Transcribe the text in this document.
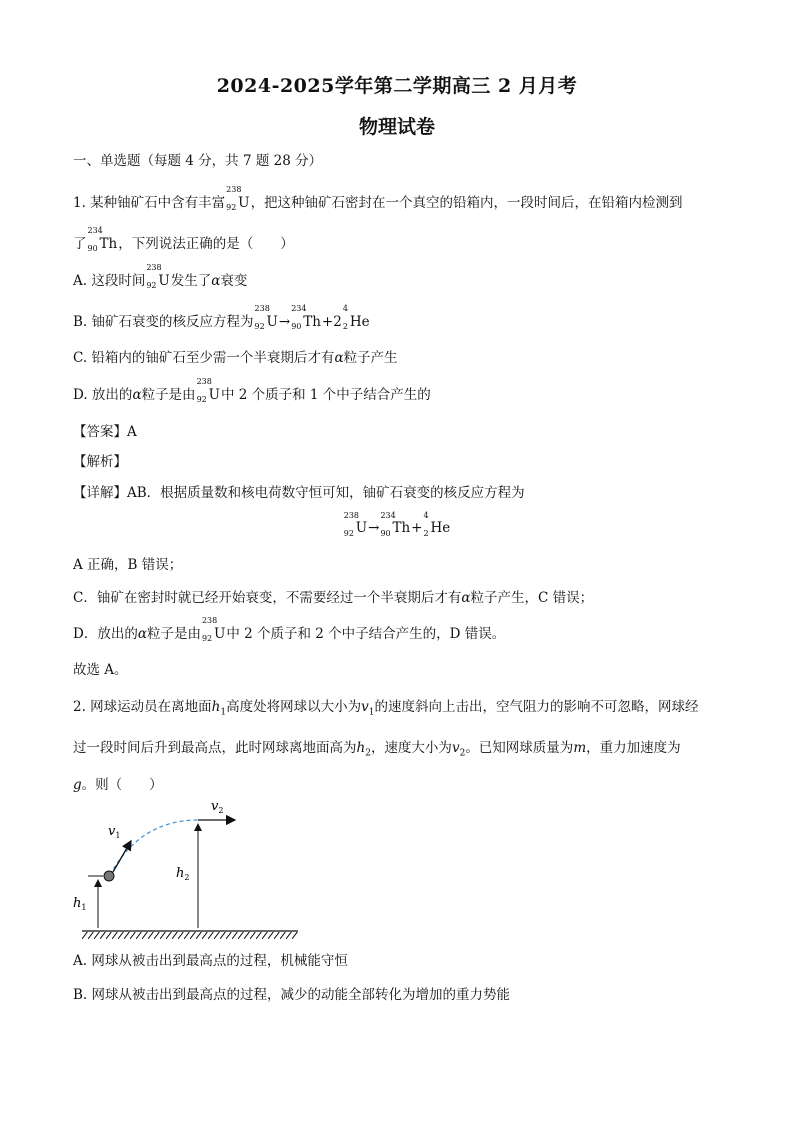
2024-2025学年第二学期高三 2 月月考
物理试卷
一、单选题（每题 4 分，共 7 题 28 分）
1. 某种铀矿石中含有丰富
238
92 U，把这种铀矿石密封在一个真空的铅箱内，一段时间后，在铅箱内检测到
了
234
90 Th，下列说法正确的是（　　）
A. 这段时间
238
92 U发生了α衰变
B. 铀矿石衰变的核反应方程为
238
92 U→
234
90 Th+2
4
2 He
C. 铅箱内的铀矿石至少需一个半衰期后才有α粒子产生
D. 放出的α粒子是由
238
92 U中 2 个质子和 1 个中子结合产生的
【答案】A
【解析】
【详解】AB．根据质量数和核电荷数守恒可知，铀矿石衰变的核反应方程为
238
92 U→
234
90 Th+
4
2 He
A 正确，B 错误；
C．铀矿在密封时就已经开始衰变，不需要经过一个半衰期后才有α粒子产生，C 错误；
D．放出的α粒子是由
238
92 U中 2 个质子和 2 个中子结合产生的，D 错误。
故选 A。
2. 网球运动员在离地面$h_1$高度处将网球以大小为$v_1$的速度斜向上击出，空气阻力的影响不可忽略，网球经
过一段时间后升到最高点，此时网球离地面高为$h_2$，速度大小为$v_2$。已知网球质量为m，重力加速度为
g。则（　　）
$v_1$
$v_2$
$h_1$
$h_2$
A. 网球从被击出到最高点的过程，机械能守恒
B. 网球从被击出到最高点的过程，减少的动能全部转化为增加的重力势能
